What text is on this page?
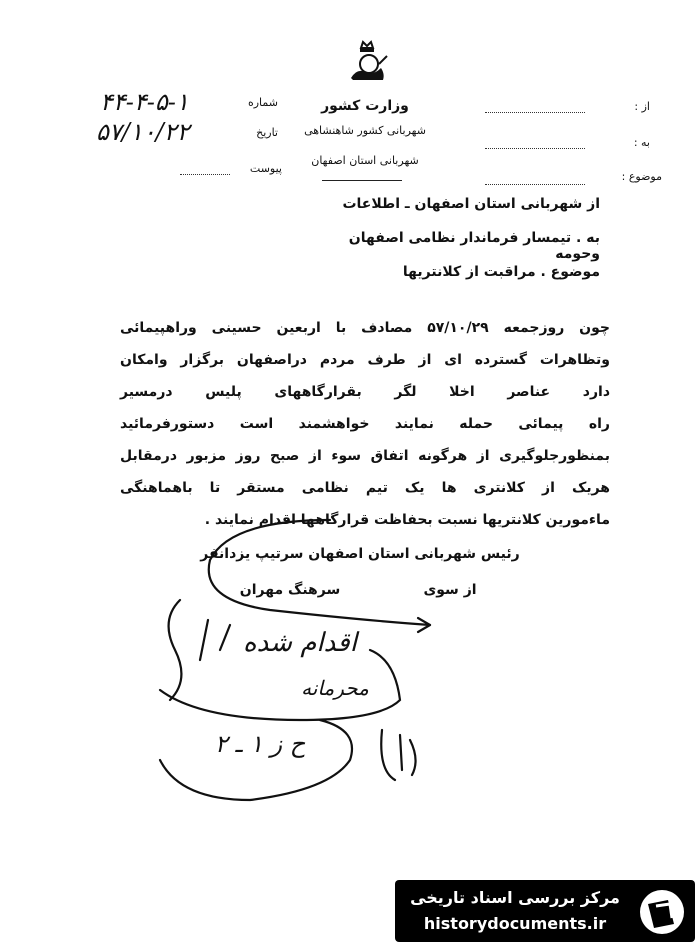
وزارت کشور
شهربانی کشور شاهنشاهی
شهربانی استان اصفهان
از :
به :
موضوع :
شماره
تاریخ
پیوست
۴۴-۴-۵-۱
۵۷/۱۰/۲۲
از شهربانی استان اصفهان ـ اطلاعات
به . تیمسار فرماندار نظامی اصفهان وحومه
موضوع . مراقبت از کلانتریها
چون روزجمعه ۵۷/۱۰/۲۹ مصادف با اربعین حسینی وراهپیمائی
وتظاهرات گسترده ای از طرف مردم دراصفهان برگزار وامکان
دارد عناصر اخلا لگر بقرارگاههای پلیس درمسیر
راه پیمائی حمله نمایند خواهشمند است دستورفرمائید
بمنظورجلوگیری از هرگونه اتفاق سوء از صبح روز مزبور درمقابل
هریک از کلانتری ها یک تیم نظامی مستقر تا باهماهنگی
ماءمورین کلانتریها نسبت بحفاظت قرارگاهها اقدام نمایند .
رئیس شهربانی استان اصفهان سرتیپ یزدانفر
از سوی
سرهنگ مهران
اقدام شده
محرمانه
ح ز ۱ ـ ۲
مرکز بررسی اسناد تاریخی
historydocuments.ir
